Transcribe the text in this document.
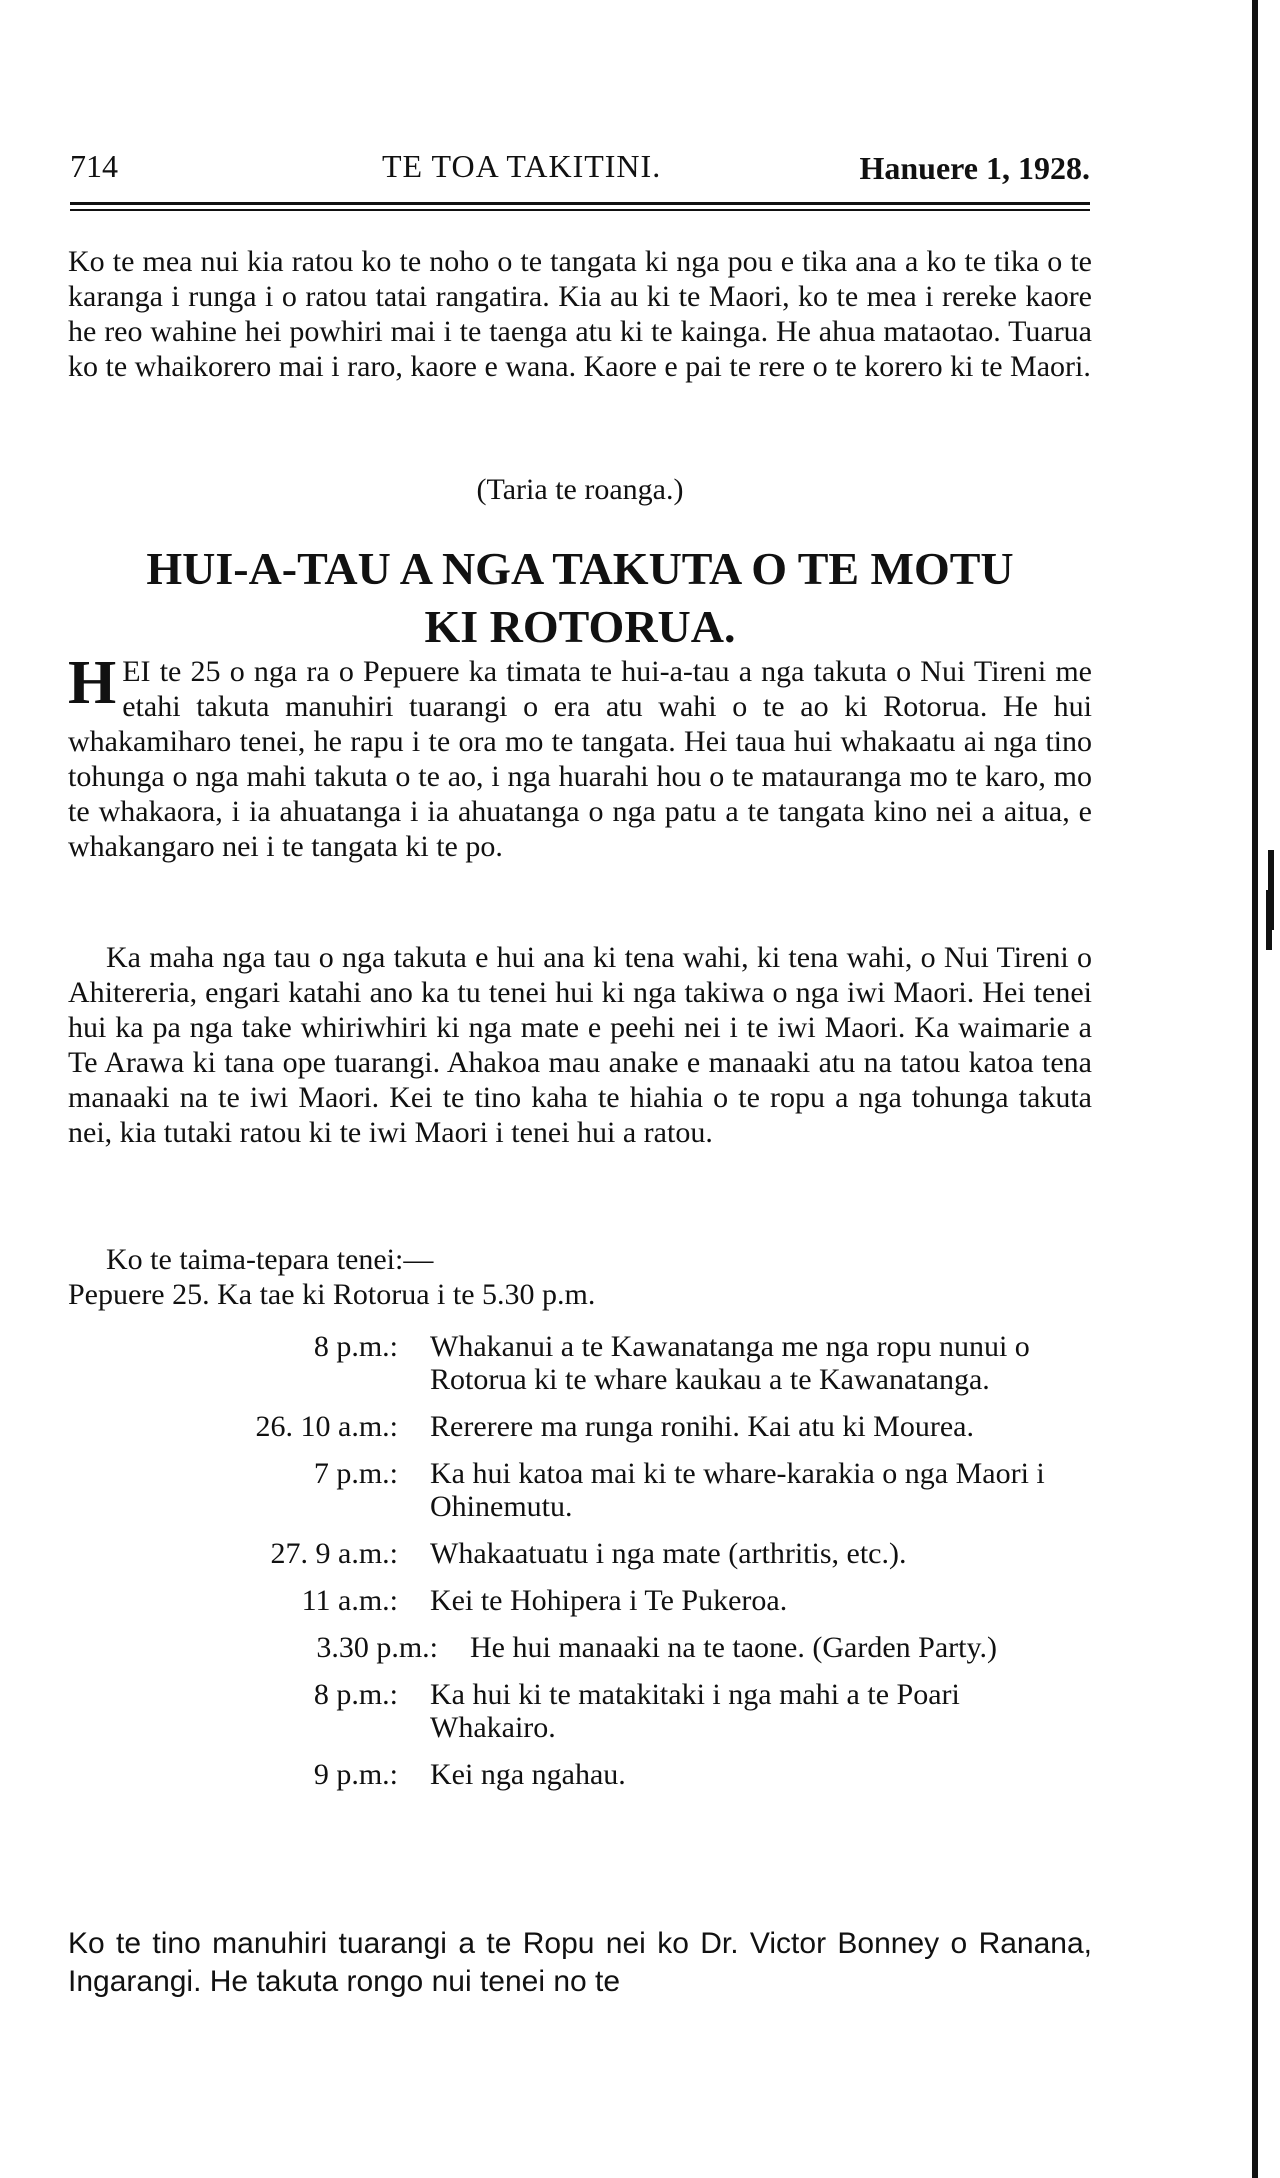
714	TE TOA TAKITINI.	Hanuere 1, 1928.

Ko te mea nui kia ratou ko te noho o te tangata ki nga pou e tika ana a ko te tika o te karanga i runga i o ratou tatai rangatira. Kia au ki te Maori, ko te mea i rereke kaore he reo wahine hei powhiri mai i te taenga atu ki te kainga. He ahua mataotao. Tuarua ko te whaikorero mai i raro, kaore e wana. Kaore e pai te rere o te korero ki te Maori.

(Taria te roanga.)
HUI-A-TAU A NGA TAKUTA O TE MOTU
KI ROTORUA.

HEI te 25 o nga ra o Pepuere ka timata te hui-a-tau a nga takuta o Nui Tireni me etahi takuta manuhiri tuarangi o era atu wahi o te ao ki Rotorua. He hui whakamiharo tenei, he rapu i te ora mo te tangata. Hei taua hui whakaatu ai nga tino tohunga o nga mahi takuta o te ao, i nga huarahi hou o te matauranga mo te karo, mo te whakaora, i ia ahuatanga i ia ahuatanga o nga patu a te tangata kino nei a aitua, e whakangaro nei i te tangata ki te po.

Ka maha nga tau o nga takuta e hui ana ki tena wahi, ki tena wahi, o Nui Tireni o Ahitereria, engari katahi ano ka tu tenei hui ki nga takiwa o nga iwi Maori. Hei tenei hui ka pa nga take whiriwhiri ki nga mate e peehi nei i te iwi Maori. Ka waimarie a Te Arawa ki tana ope tuarangi. Ahakoa mau anake e manaaki atu na tatou katoa tena manaaki na te iwi Maori. Kei te tino kaha te hiahia o te ropu a nga tohunga takuta nei, kia tutaki ratou ki te iwi Maori i tenei hui a ratou.

Ko te taima-tepara tenei:—

Pepuere 25. Ka tae ki Rotorua i te 5.30 p.m.

8 p.m.: Whakanui a te Kawanatanga me nga ropu nunui o Rotorua ki te whare kaukau a te Kawanatanga.
26. 10 a.m.: Rererere ma runga ronihi. Kai atu ki Mourea.
7 p.m.: Ka hui katoa mai ki te whare-karakia o nga Maori i Ohinemutu.
27. 9 a.m.: Whakaatuatu i nga mate (arthritis, etc.).
11 a.m.: Kei te Hohipera i Te Pukeroa.
3.30 p.m.: He hui manaaki na te taone. (Garden Party.)
8 p.m.: Ka hui ki te matakitaki i nga mahi a te Poari Whakairo.
9 p.m.: Kei nga ngahau.

Ko te tino manuhiri tuarangi a te Ropu nei ko Dr. Victor Bonney o Ranana, Ingarangi. He takuta rongo nui tenei no te
